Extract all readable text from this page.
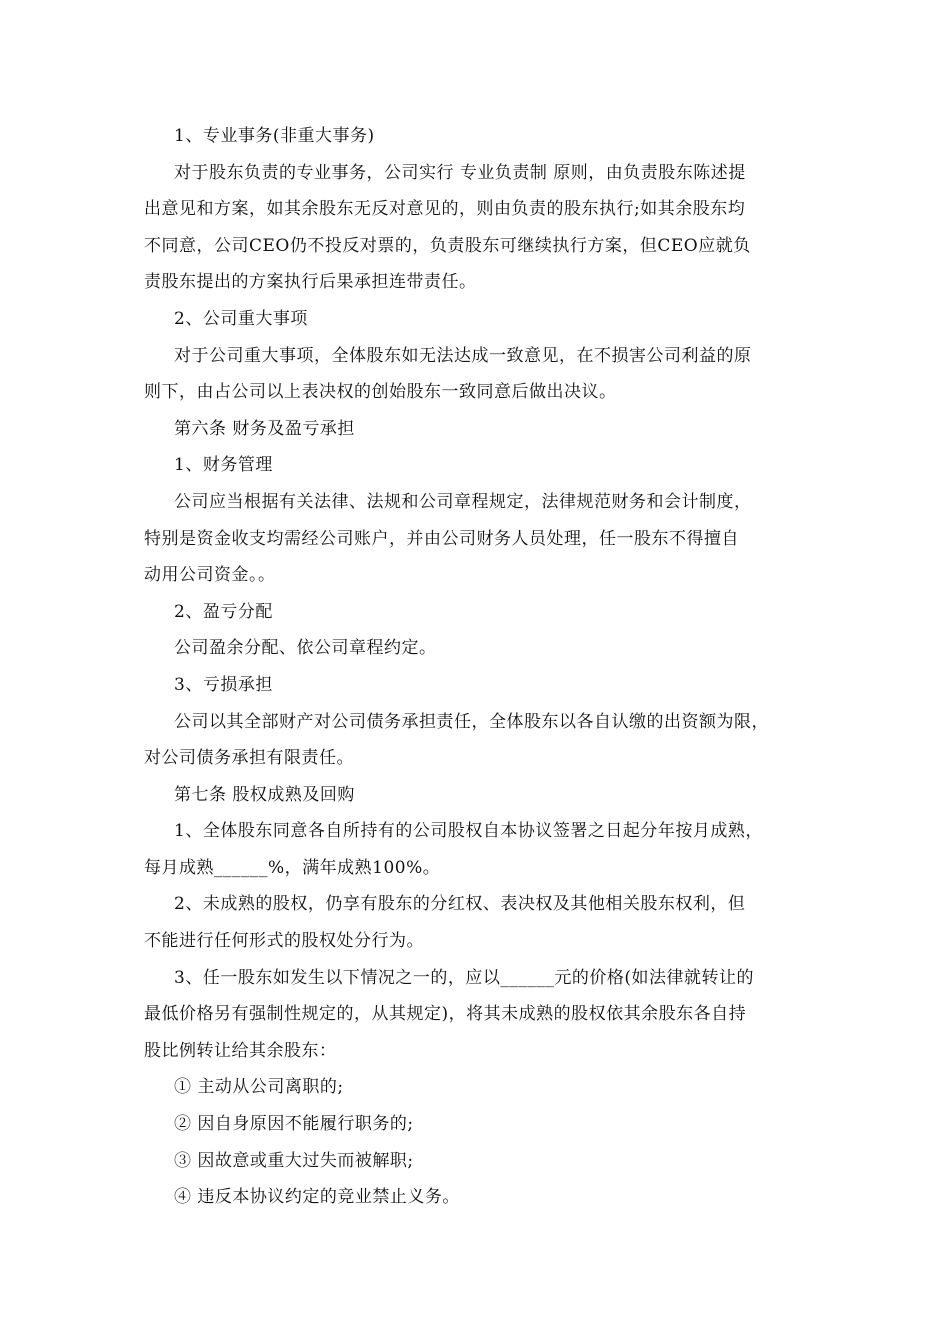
1、专业事务(非重大事务)
对于股东负责的专业事务，公司实行 专业负责制 原则，由负责股东陈述提
出意见和方案，如其余股东无反对意见的，则由负责的股东执行;如其余股东均
不同意，公司CEO仍不投反对票的，负责股东可继续执行方案，但CEO应就负
责股东提出的方案执行后果承担连带责任。
2、公司重大事项
对于公司重大事项，全体股东如无法达成一致意见，在不损害公司利益的原
则下，由占公司以上表决权的创始股东一致同意后做出决议。
第六条 财务及盈亏承担
1、财务管理
公司应当根据有关法律、法规和公司章程规定，法律规范财务和会计制度，
特别是资金收支均需经公司账户，并由公司财务人员处理，任一股东不得擅自
动用公司资金。。
2、盈亏分配
公司盈余分配、依公司章程约定。
3、亏损承担
公司以其全部财产对公司债务承担责任，全体股东以各自认缴的出资额为限，
对公司债务承担有限责任。
第七条 股权成熟及回购
1、全体股东同意各自所持有的公司股权自本协议签署之日起分年按月成熟，
每月成熟______%，满年成熟100%。
2、未成熟的股权，仍享有股东的分红权、表决权及其他相关股东权利，但
不能进行任何形式的股权处分行为。
3、任一股东如发生以下情况之一的，应以______元的价格(如法律就转让的
最低价格另有强制性规定的，从其规定)，将其未成熟的股权依其余股东各自持
股比例转让给其余股东：
① 主动从公司离职的;
② 因自身原因不能履行职务的;
③ 因故意或重大过失而被解职;
④ 违反本协议约定的竞业禁止义务。
